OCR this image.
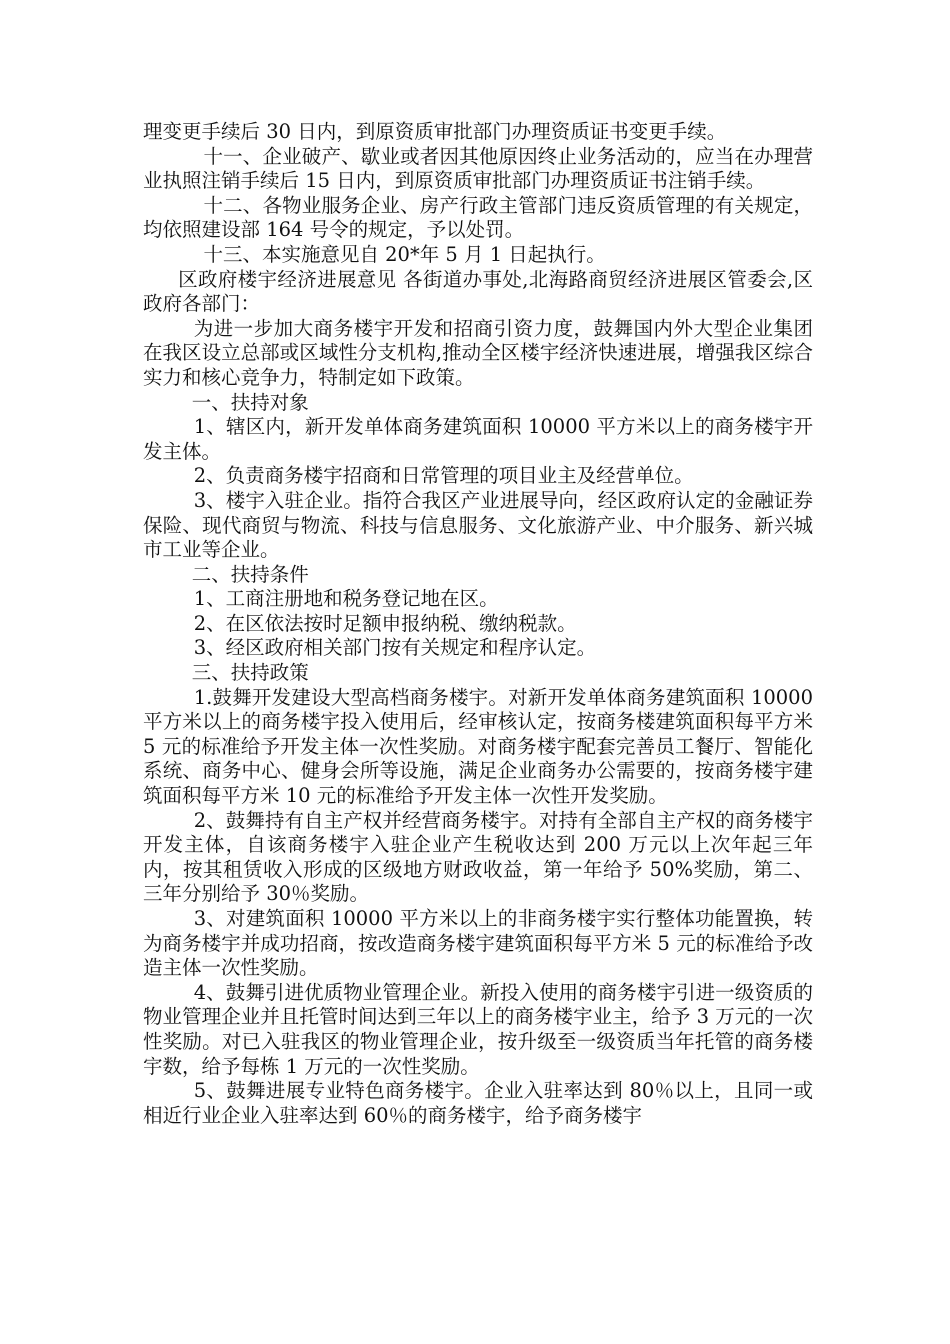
理变更手续后 30 日内，到原资质审批部门办理资质证书变更手续。

十一、企业破产、歇业或者因其他原因终止业务活动的，应当在办理营业执照注销手续后 15 日内，到原资质审批部门办理资质证书注销手续。

十二、各物业服务企业、房产行政主管部门违反资质管理的有关规定，均依照建设部 164 号令的规定，予以处罚。

十三、本实施意见自 20*年 5 月 1 日起执行。

区政府楼宇经济进展意见 各街道办事处,北海路商贸经济进展区管委会,区政府各部门：

为进一步加大商务楼宇开发和招商引资力度，鼓舞国内外大型企业集团在我区设立总部或区域性分支机构,推动全区楼宇经济快速进展，增强我区综合实力和核心竞争力，特制定如下政策。

一、扶持对象

1、辖区内，新开发单体商务建筑面积 10000 平方米以上的商务楼宇开发主体。

2、负责商务楼宇招商和日常管理的项目业主及经营单位。

3、楼宇入驻企业。指符合我区产业进展导向，经区政府认定的金融证券保险、现代商贸与物流、科技与信息服务、文化旅游产业、中介服务、新兴城市工业等企业。

二、扶持条件

1、工商注册地和税务登记地在区。

2、在区依法按时足额申报纳税、缴纳税款。

3、经区政府相关部门按有关规定和程序认定。

三、扶持政策

1.鼓舞开发建设大型高档商务楼宇。对新开发单体商务建筑面积 10000 平方米以上的商务楼宇投入使用后，经审核认定，按商务楼建筑面积每平方米 5 元的标准给予开发主体一次性奖励。对商务楼宇配套完善员工餐厅、智能化系统、商务中心、健身会所等设施，满足企业商务办公需要的，按商务楼宇建筑面积每平方米 10 元的标准给予开发主体一次性开发奖励。

2、鼓舞持有自主产权并经营商务楼宇。对持有全部自主产权的商务楼宇开发主体，自该商务楼宇入驻企业产生税收达到 200 万元以上次年起三年内，按其租赁收入形成的区级地方财政收益，第一年给予 50%奖励，第二、三年分别给予 30％奖励。

3、对建筑面积 10000 平方米以上的非商务楼宇实行整体功能置换，转为商务楼宇并成功招商，按改造商务楼宇建筑面积每平方米 5 元的标准给予改造主体一次性奖励。

4、鼓舞引进优质物业管理企业。新投入使用的商务楼宇引进一级资质的物业管理企业并且托管时间达到三年以上的商务楼宇业主，给予 3 万元的一次性奖励。对已入驻我区的物业管理企业，按升级至一级资质当年托管的商务楼宇数，给予每栋 1 万元的一次性奖励。

5、鼓舞进展专业特色商务楼宇。企业入驻率达到 80％以上，且同一或相近行业企业入驻率达到 60％的商务楼宇，给予商务楼宇
